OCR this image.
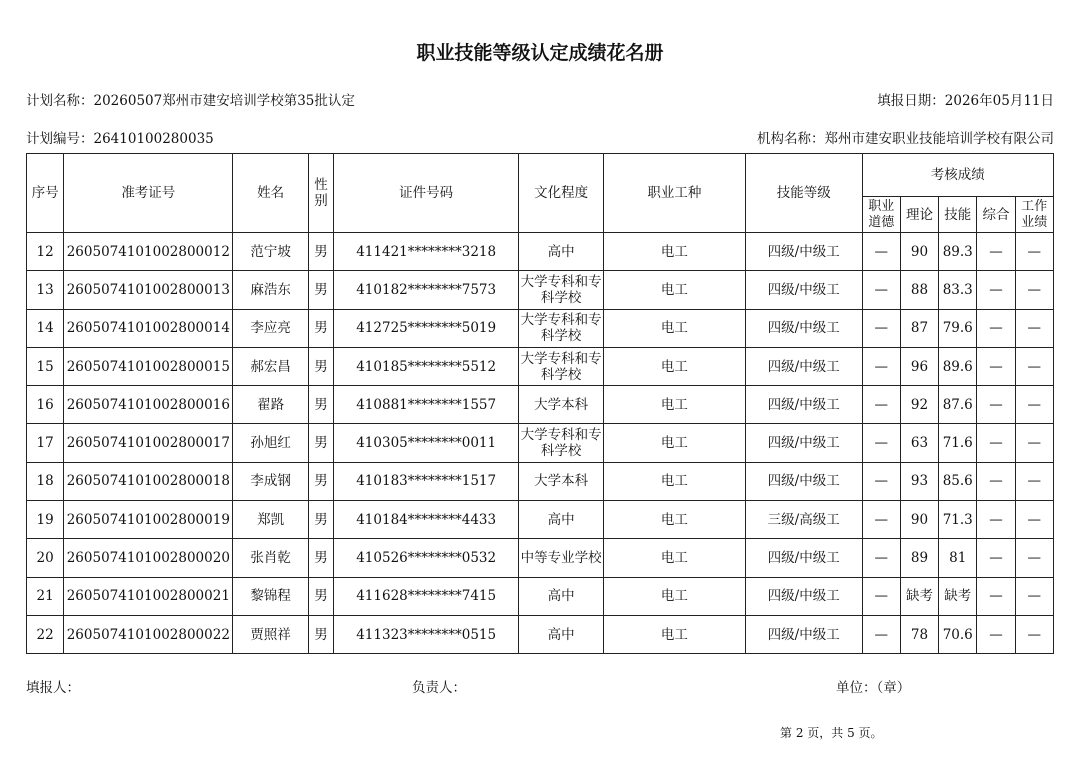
职业技能等级认定成绩花名册
计划名称：20260507郑州市建安培训学校第35批认定	填报日期：2026年05月11日
计划编号：26410100280035	机构名称：郑州市建安职业技能培训学校有限公司
序号	准考证号	姓名	性别	证件号码	文化程度	职业工种	技能等级	考核成绩				
								职业道德	理论	技能	综合	工作业绩
12	2605074101002800012	范宁坡	男	411421********3218	高中	电工	四级/中级工	—	90	89.3	—	—
13	2605074101002800013	麻浩东	男	410182********7573	大学专科和专科学校	电工	四级/中级工	—	88	83.3	—	—
14	2605074101002800014	李应亮	男	412725********5019	大学专科和专科学校	电工	四级/中级工	—	87	79.6	—	—
15	2605074101002800015	郝宏昌	男	410185********5512	大学专科和专科学校	电工	四级/中级工	—	96	89.6	—	—
16	2605074101002800016	翟路	男	410881********1557	大学本科	电工	四级/中级工	—	92	87.6	—	—
17	2605074101002800017	孙旭红	男	410305********0011	大学专科和专科学校	电工	四级/中级工	—	63	71.6	—	—
18	2605074101002800018	李成钢	男	410183********1517	大学本科	电工	四级/中级工	—	93	85.6	—	—
19	2605074101002800019	郑凯	男	410184********4433	高中	电工	三级/高级工	—	90	71.3	—	—
20	2605074101002800020	张肖乾	男	410526********0532	中等专业学校	电工	四级/中级工	—	89	81	—	—
21	2605074101002800021	黎锦程	男	411628********7415	高中	电工	四级/中级工	—	缺考	缺考	—	—
22	2605074101002800022	贾照祥	男	411323********0515	高中	电工	四级/中级工	—	78	70.6	—	—
填报人：	负责人：	单位：（章）
第 2 页，共 5 页。
